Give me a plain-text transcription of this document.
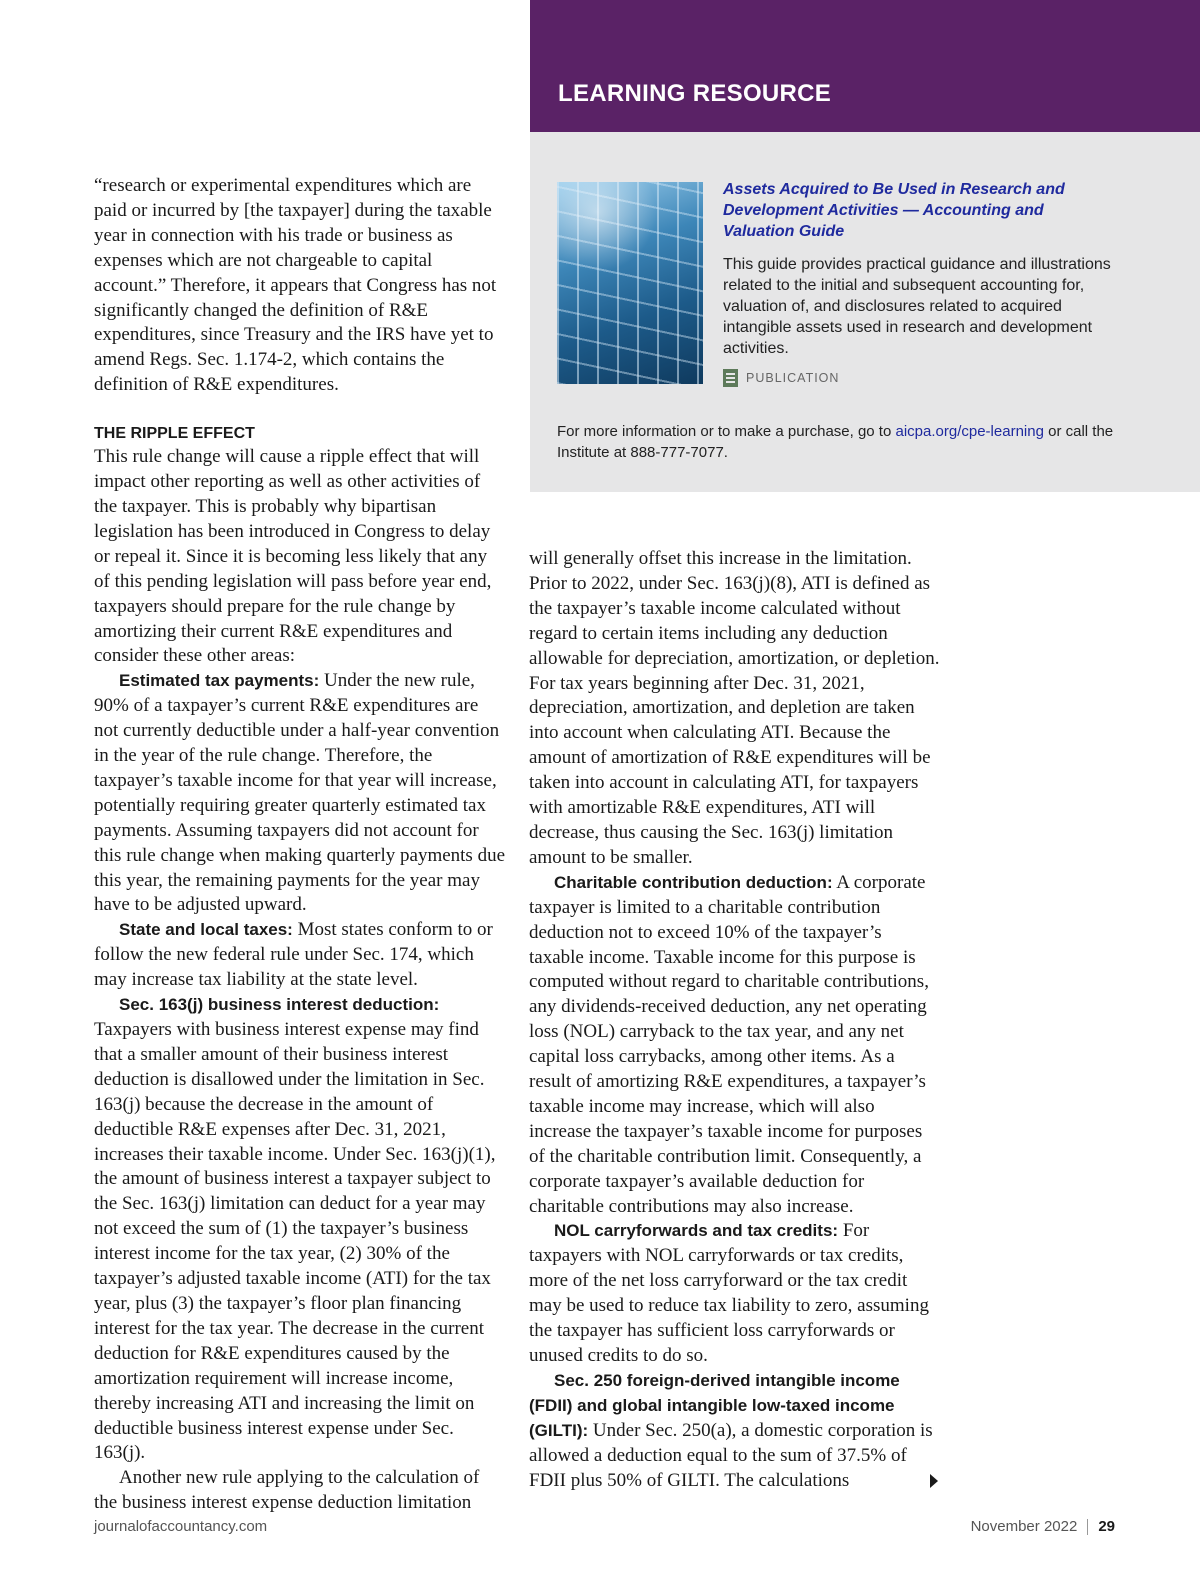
LEARNING RESOURCE
Assets Acquired to Be Used in Research and Development Activities — Accounting and Valuation Guide
This guide provides practical guidance and illustrations related to the initial and subsequent accounting for, valuation of, and disclosures related to acquired intangible assets used in research and development activities.
PUBLICATION
For more information or to make a purchase, go to aicpa.org/cpe-learning or call the Institute at 888-777-7077.

“research or experimental expenditures which are paid or incurred by [the taxpayer] during the taxable year in connection with his trade or business as expenses which are not chargeable to capital account.” Therefore, it appears that Congress has not significantly changed the definition of R&E expenditures, since Treasury and the IRS have yet to amend Regs. Sec. 1.174-2, which contains the definition of R&E expenditures.

THE RIPPLE EFFECT

This rule change will cause a ripple effect that will impact other reporting as well as other activities of the taxpayer. This is probably why bipartisan legislation has been introduced in Congress to delay or repeal it. Since it is becoming less likely that any of this pending legislation will pass before year end, taxpayers should prepare for the rule change by amortizing their current R&E expenditures and consider these other areas:

Estimated tax payments: Under the new rule, 90% of a taxpayer’s current R&E expenditures are not currently deductible under a half-year convention in the year of the rule change. Therefore, the taxpayer’s taxable income for that year will increase, potentially requiring greater quarterly estimated tax payments. Assuming taxpayers did not account for this rule change when making quarterly payments due this year, the remaining payments for the year may have to be adjusted upward.

State and local taxes: Most states conform to or follow the new federal rule under Sec. 174, which may increase tax liability at the state level.

Sec. 163(j) business interest deduction: Taxpayers with business interest expense may find that a smaller amount of their business interest deduction is disallowed under the limitation in Sec. 163(j) because the decrease in the amount of deductible R&E expenses after Dec. 31, 2021, increases their taxable income. Under Sec. 163(j)(1), the amount of business interest a taxpayer subject to the Sec. 163(j) limitation can deduct for a year may not exceed the sum of (1) the taxpayer’s business interest income for the tax year, (2) 30% of the taxpayer’s adjusted taxable income (ATI) for the tax year, plus (3) the taxpayer’s floor plan financing interest for the tax year. The decrease in the current deduction for R&E expenditures caused by the amortization requirement will increase income, thereby increasing ATI and increasing the limit on deductible business interest expense under Sec. 163(j).

Another new rule applying to the calculation of the business interest expense deduction limitation

will generally offset this increase in the limitation. Prior to 2022, under Sec. 163(j)(8), ATI is defined as the taxpayer’s taxable income calculated without regard to certain items including any deduction allowable for depreciation, amortization, or depletion. For tax years beginning after Dec. 31, 2021, depreciation, amortization, and depletion are taken into account when calculating ATI. Because the amount of amortization of R&E expenditures will be taken into account in calculating ATI, for taxpayers with amortizable R&E expenditures, ATI will decrease, thus causing the Sec. 163(j) limitation amount to be smaller.

Charitable contribution deduction: A corporate taxpayer is limited to a charitable contribution deduction not to exceed 10% of the taxpayer’s taxable income. Taxable income for this purpose is computed without regard to charitable contributions, any dividends-received deduction, any net operating loss (NOL) carryback to the tax year, and any net capital loss carrybacks, among other items. As a result of amortizing R&E expenditures, a taxpayer’s taxable income may increase, which will also increase the taxpayer’s taxable income for purposes of the charitable contribution limit. Consequently, a corporate taxpayer’s available deduction for charitable contributions may also increase.

NOL carryforwards and tax credits: For taxpayers with NOL carryforwards or tax credits, more of the net loss carryforward or the tax credit may be used to reduce tax liability to zero, assuming the taxpayer has sufficient loss carryforwards or unused credits to do so.

Sec. 250 foreign-derived intangible income (FDII) and global intangible low-taxed income (GILTI): Under Sec. 250(a), a domestic corporation is allowed a deduction equal to the sum of 37.5% of FDII plus 50% of GILTI. The calculations

journalofaccountancy.com	November 2022 29
